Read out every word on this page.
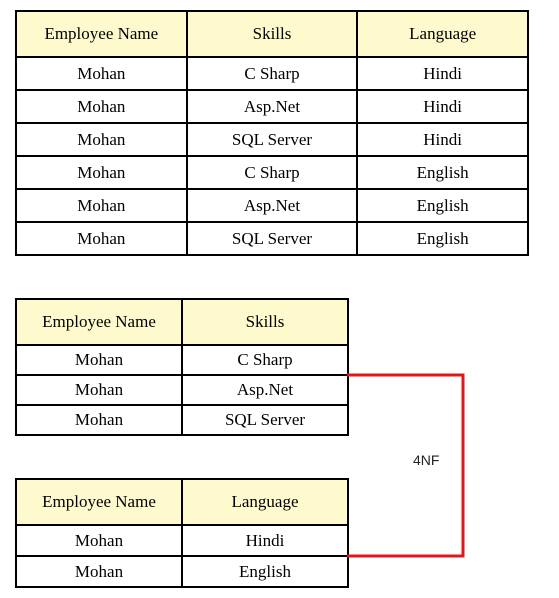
Employee Name	Skills	Language
Mohan	C Sharp	Hindi
Mohan	Asp.Net	Hindi
Mohan	SQL Server	Hindi
Mohan	C Sharp	English
Mohan	Asp.Net	English
Mohan	SQL Server	English
Employee Name	Skills
Mohan	C Sharp
Mohan	Asp.Net
Mohan	SQL Server
Employee Name	Language
Mohan	Hindi
Mohan	English
4NF
